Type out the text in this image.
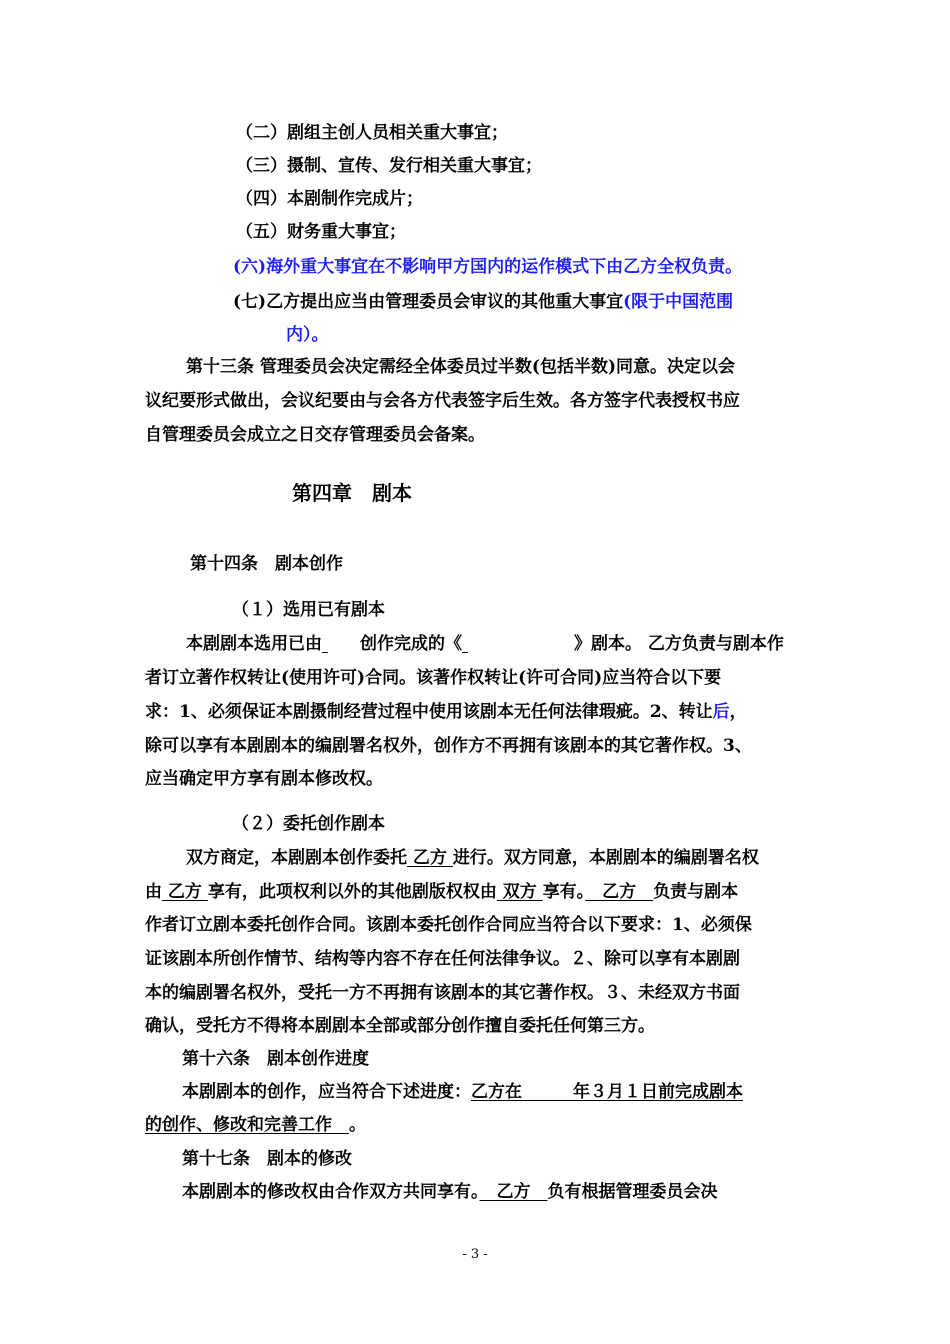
（二）剧组主创人员相关重大事宜；
（三）摄制、宣传、发行相关重大事宜；
（四）本剧制作完成片；
（五）财务重大事宜；
(六)海外重大事宜在不影响甲方国内的运作模式下由乙方全权负责。
(七)乙方提出应当由管理委员会审议的其他重大事宜(限于中国范围
内）。
第十三条 管理委员会决定需经全体委员过半数(包括半数)同意。决定以会
议纪要形式做出，会议纪要由与会各方代表签字后生效。各方签字代表授权书应
自管理委员会成立之日交存管理委员会备案。
第四章　剧本
第十四条　剧本创作
（１）选用已有剧本
本剧剧本选用已由 创作完成的《	》剧本。 乙方负责与剧本作
者订立著作权转让(使用许可)合同。该著作权转让(许可合同)应当符合以下要
求：1、必须保证本剧摄制经营过程中使用该剧本无任何法律瑕疵。2、转让后，
除可以享有本剧剧本的编剧署名权外，创作方不再拥有该剧本的其它著作权。3、
应当确定甲方享有剧本修改权。
（２）委托创作剧本
双方商定，本剧剧本创作委托 乙方 进行。双方同意，本剧剧本的编剧署名权
由 乙方 享有，此项权利以外的其他剧版权权由 双方 享有。　乙方　负责与剧本
作者订立剧本委托创作合同。该剧本委托创作合同应当符合以下要求：1、必须保
证该剧本所创作情节、结构等内容不存在任何法律争议。２、除可以享有本剧剧
本的编剧署名权外，受托一方不再拥有该剧本的其它著作权。３、未经双方书面
确认，受托方不得将本剧剧本全部或部分创作擅自委托任何第三方。
第十六条　剧本创作进度
本剧剧本的创作，应当符合下述进度：乙方在　　　年３月１日前完成剧本
的创作、修改和完善工作　。
第十七条　剧本的修改
本剧剧本的修改权由合作双方共同享有。　乙方　负有根据管理委员会决
- 3 -
